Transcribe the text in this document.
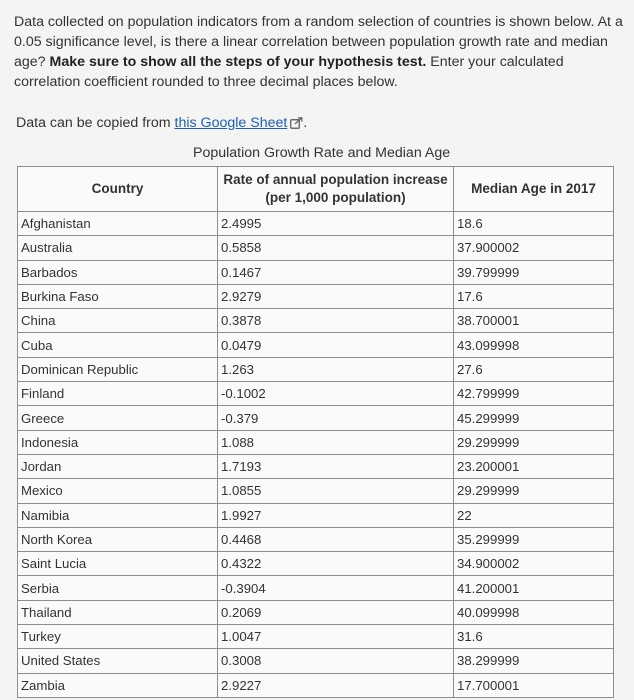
Data collected on population indicators from a random selection of countries is shown below. At a 0.05 significance level, is there a linear correlation between population growth rate and median age? Make sure to show all the steps of your hypothesis test. Enter your calculated correlation coefficient rounded to three decimal places below.

Data can be copied from this Google Sheet .
Population Growth Rate and Median Age
Country	Rate of annual population increase (per 1,000 population)	Median Age in 2017
Afghanistan	2.4995	18.6
Australia	0.5858	37.900002
Barbados	0.1467	39.799999
Burkina Faso	2.9279	17.6
China	0.3878	38.700001
Cuba	0.0479	43.099998
Dominican Republic	1.263	27.6
Finland	-0.1002	42.799999
Greece	-0.379	45.299999
Indonesia	1.088	29.299999
Jordan	1.7193	23.200001
Mexico	1.0855	29.299999
Namibia	1.9927	22
North Korea	0.4468	35.299999
Saint Lucia	0.4322	34.900002
Serbia	-0.3904	41.200001
Thailand	0.2069	40.099998
Turkey	1.0047	31.6
United States	0.3008	38.299999
Zambia	2.9227	17.700001
